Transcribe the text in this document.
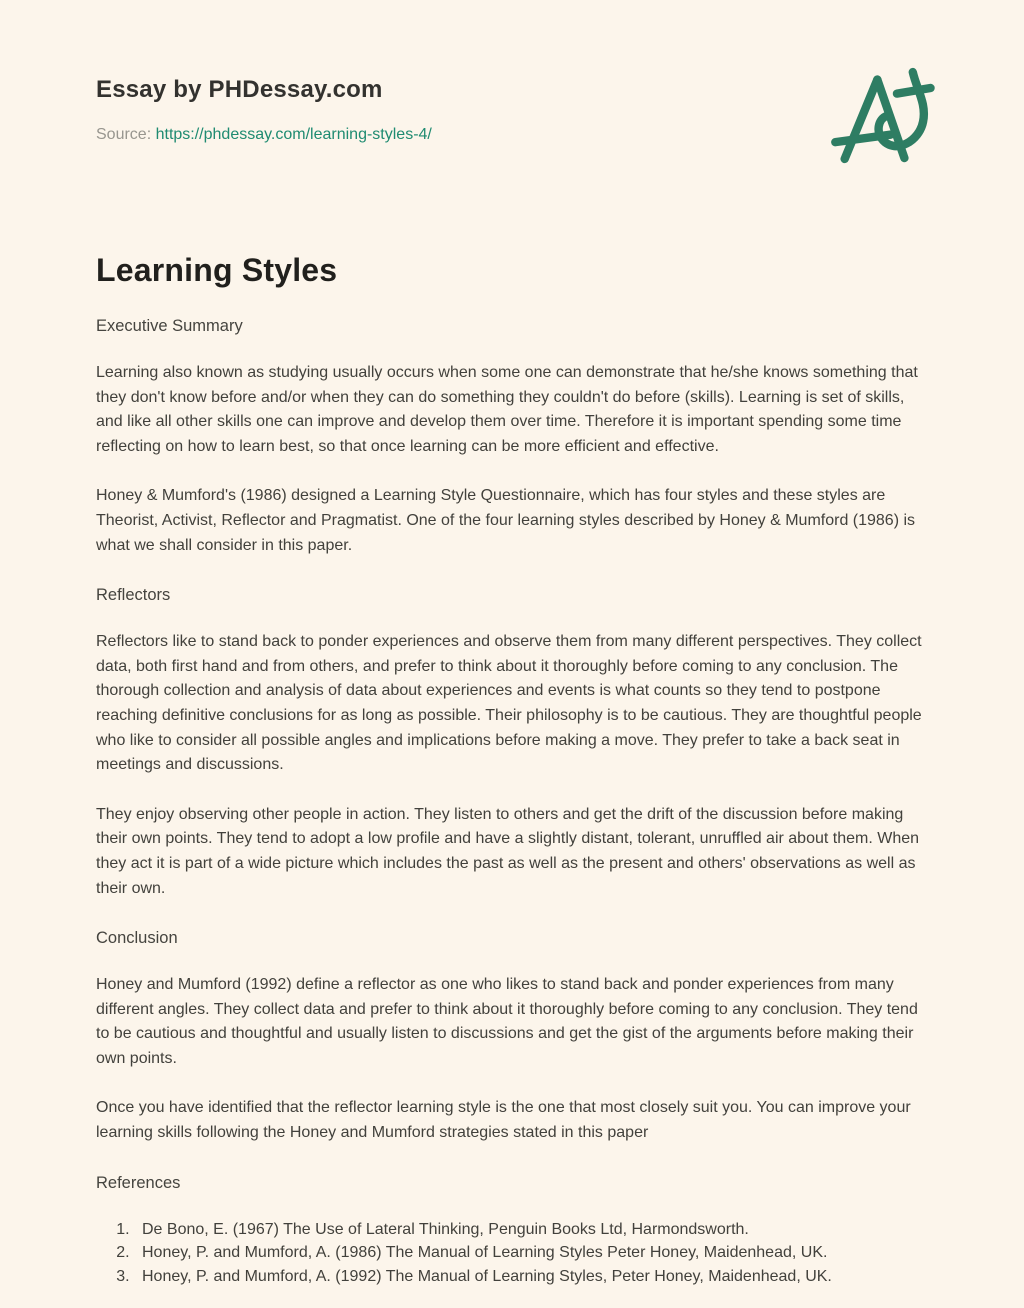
Essay by PHDessay.com
Source: https://phdessay.com/learning-styles-4/
Learning Styles
Executive Summary

Learning also known as studying usually occurs when some one can demonstrate that he/she knows something that they don't know before and/or when they can do something they couldn't do before (skills). Learning is set of skills, and like all other skills one can improve and develop them over time. Therefore it is important spending some time reflecting on how to learn best, so that once learning can be more efficient and effective.

Honey & Mumford's (1986) designed a Learning Style Questionnaire, which has four styles and these styles are Theorist, Activist, Reflector and Pragmatist. One of the four learning styles described by Honey & Mumford (1986) is what we shall consider in this paper.

Reflectors

Reflectors like to stand back to ponder experiences and observe them from many different perspectives. They collect data, both first hand and from others, and prefer to think about it thoroughly before coming to any conclusion. The thorough collection and analysis of data about experiences and events is what counts so they tend to postpone reaching definitive conclusions for as long as possible. Their philosophy is to be cautious. They are thoughtful people who like to consider all possible angles and implications before making a move. They prefer to take a back seat in meetings and discussions.

They enjoy observing other people in action. They listen to others and get the drift of the discussion before making their own points. They tend to adopt a low profile and have a slightly distant, tolerant, unruffled air about them. When they act it is part of a wide picture which includes the past as well as the present and others' observations as well as their own.

Conclusion

Honey and Mumford (1992) define a reflector as one who likes to stand back and ponder experiences from many different angles. They collect data and prefer to think about it thoroughly before coming to any conclusion. They tend to be cautious and thoughtful and usually listen to discussions and get the gist of the arguments before making their own points.

Once you have identified that the reflector learning style is the one that most closely suit you. You can improve your learning skills following the Honey and Mumford strategies stated in this paper

References
1. De Bono, E. (1967) The Use of Lateral Thinking, Penguin Books Ltd, Harmondsworth.
2. Honey, P. and Mumford, A. (1986) The Manual of Learning Styles Peter Honey, Maidenhead, UK.
3. Honey, P. and Mumford, A. (1992) The Manual of Learning Styles, Peter Honey, Maidenhead, UK.
